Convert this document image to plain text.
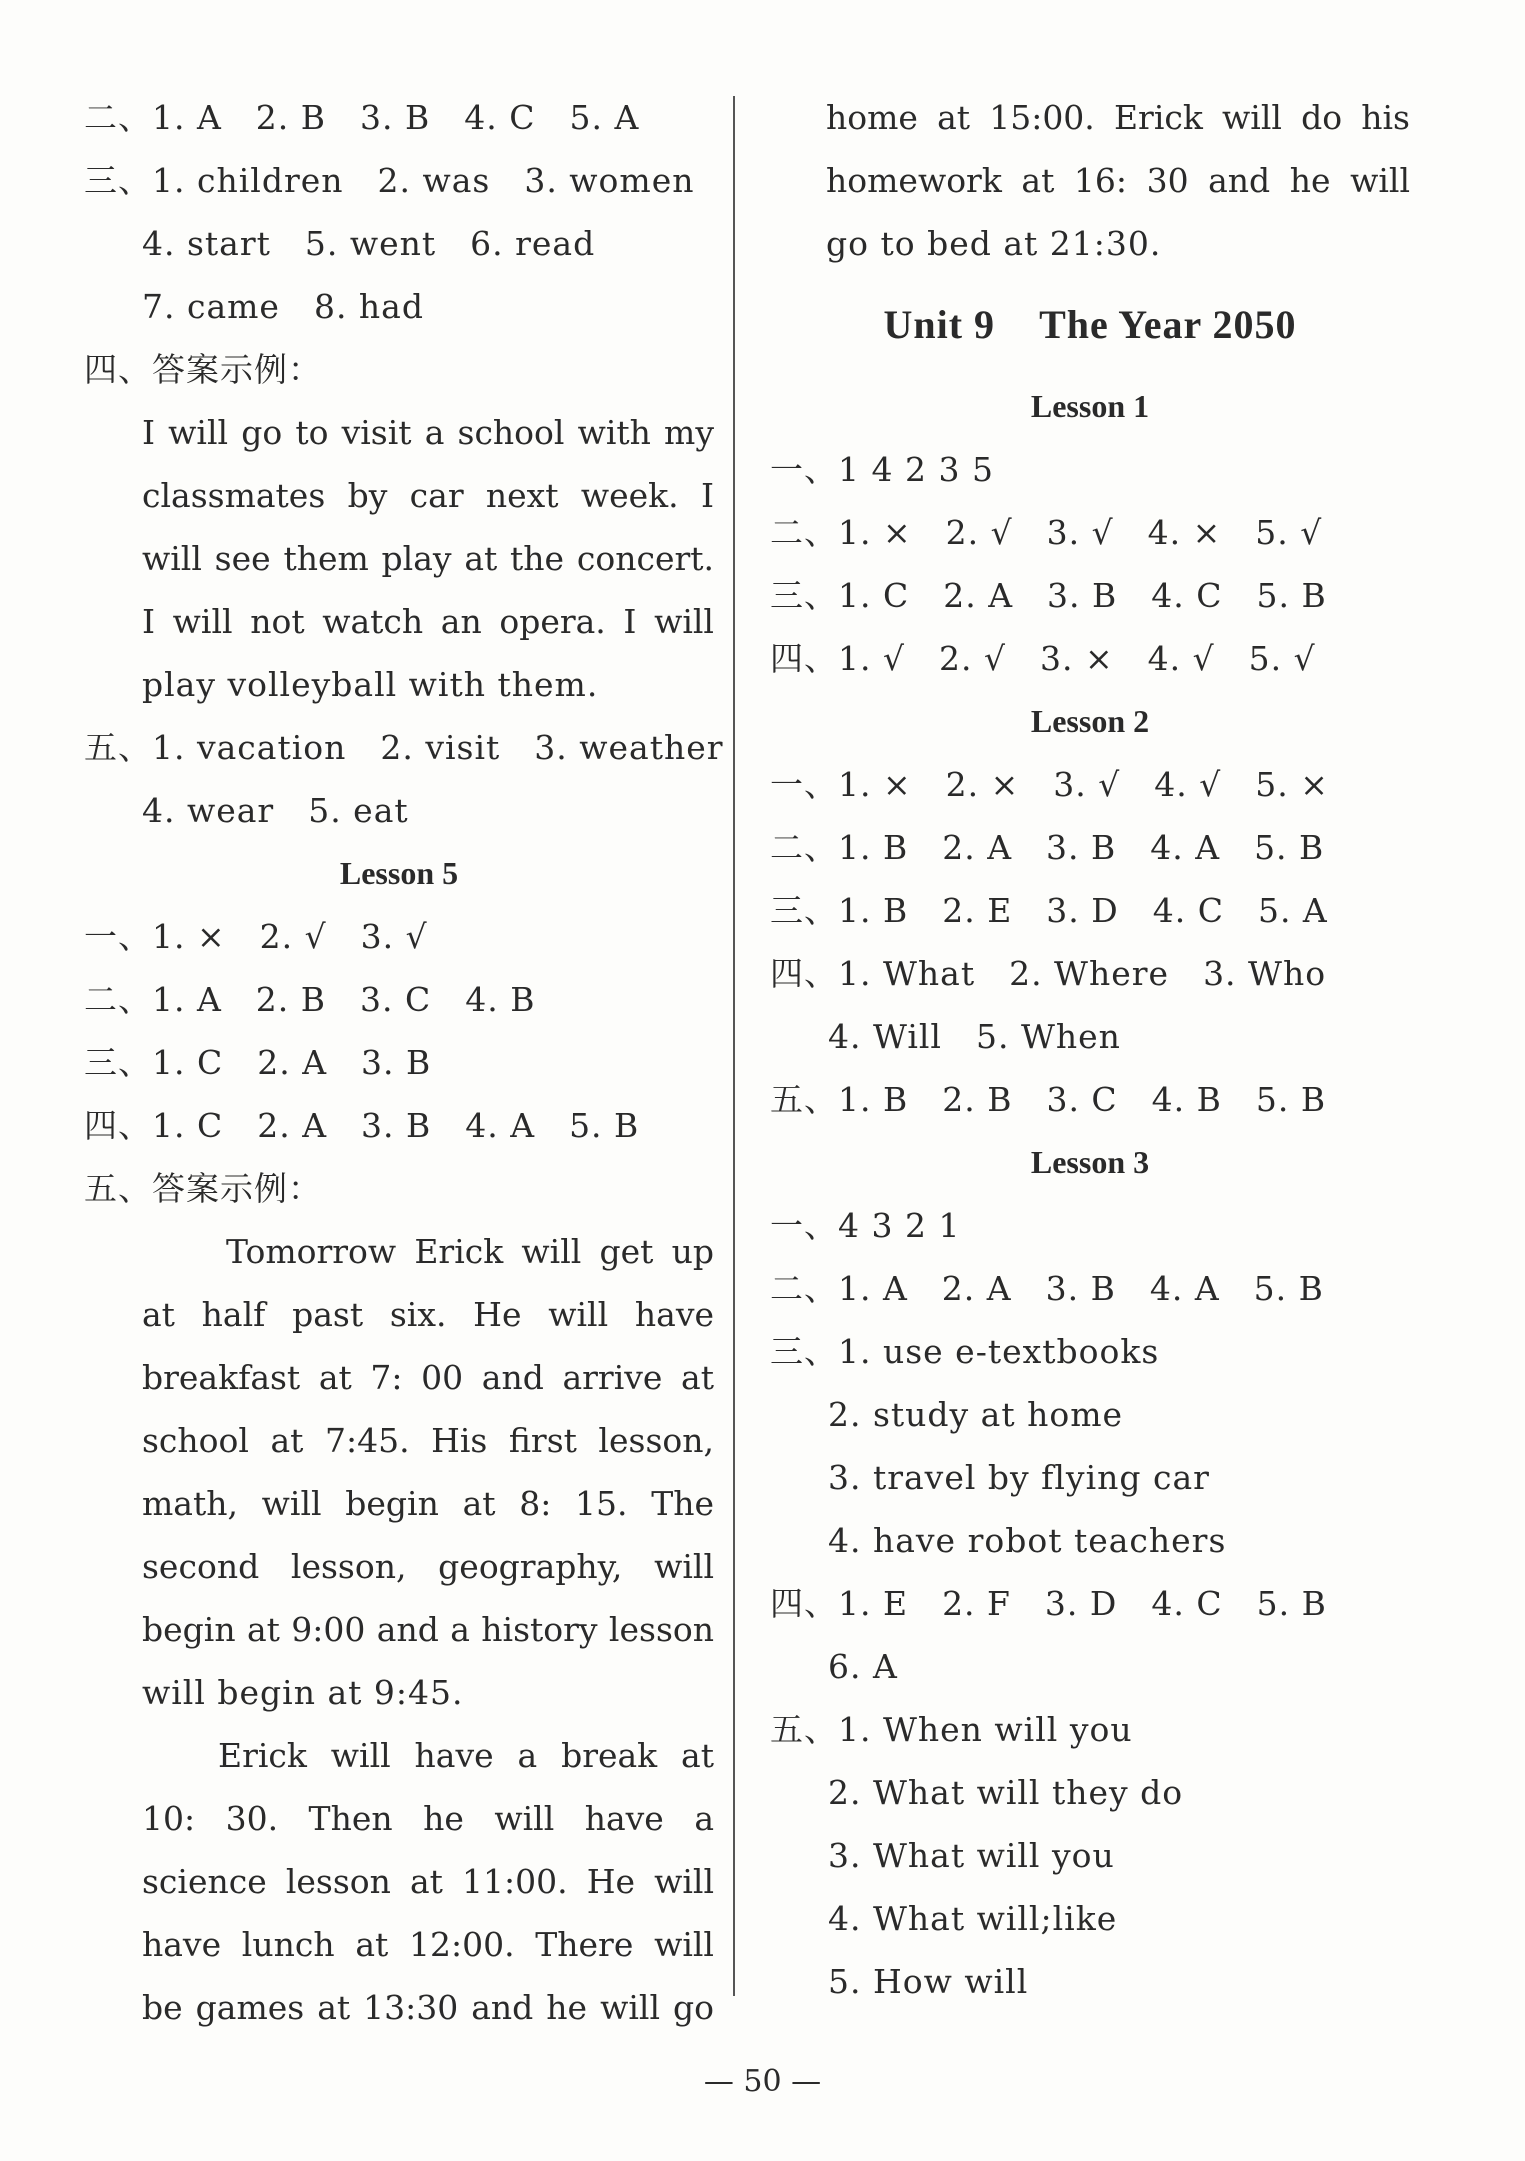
二、1. A　2. B　3. B　4. C　5. A
三、1. children　2. was　3. women
4. start　5. went　6. read
7. came　8. had
四、答案示例：
I will go to visit a school with my
classmates by car next week. I
will see them play at the concert.
I will not watch an opera. I will
play volleyball with them.
五、1. vacation　2. visit　3. weather
4. wear　5. eat
Lesson 5
一、1. ×　2. √　3. √
二、1. A　2. B　3. C　4. B
三、1. C　2. A　3. B
四、1. C　2. A　3. B　4. A　5. B
五、答案示例：
Tomorrow Erick will get up
at half past six. He will have
breakfast at 7: 00 and arrive at
school at 7:45. His first lesson,
math, will begin at 8: 15. The
second lesson, geography, will
begin at 9:00 and a history lesson
will begin at 9:45.
Erick will have a break at
10: 30. Then he will have a
science lesson at 11:00. He will
have lunch at 12:00. There will
be games at 13:30 and he will go
home at 15:00. Erick will do his
homework at 16: 30 and he will
go to bed at 21:30.
Unit 9 The Year 2050
Lesson 1
一、1 4 2 3 5
二、1. ×　2. √　3. √　4. ×　5. √
三、1. C　2. A　3. B　4. C　5. B
四、1. √　2. √　3. ×　4. √　5. √
Lesson 2
一、1. ×　2. ×　3. √　4. √　5. ×
二、1. B　2. A　3. B　4. A　5. B
三、1. B　2. E　3. D　4. C　5. A
四、1. What　2. Where　3. Who
4. Will　5. When
五、1. B　2. B　3. C　4. B　5. B
Lesson 3
一、4 3 2 1
二、1. A　2. A　3. B　4. A　5. B
三、1. use e-textbooks
2. study at home
3. travel by flying car
4. have robot teachers
四、1. E　2. F　3. D　4. C　5. B
6. A
五、1. When will you
2. What will they do
3. What will you
4. What will;like
5. How will
— 50 —
